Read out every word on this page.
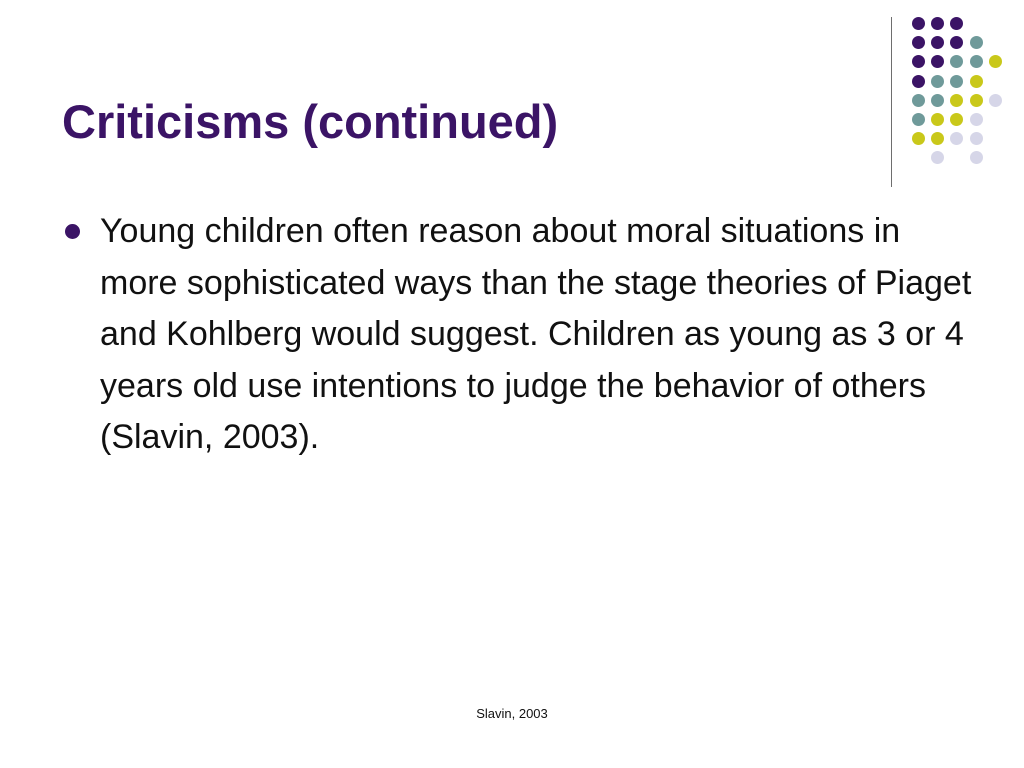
Criticisms (continued)
Young children often reason about moral situations in more sophisticated ways than the stage theories of Piaget and Kohlberg would suggest. Children as young as 3 or 4 years old use intentions to judge the behavior of others (Slavin, 2003).
Slavin, 2003
